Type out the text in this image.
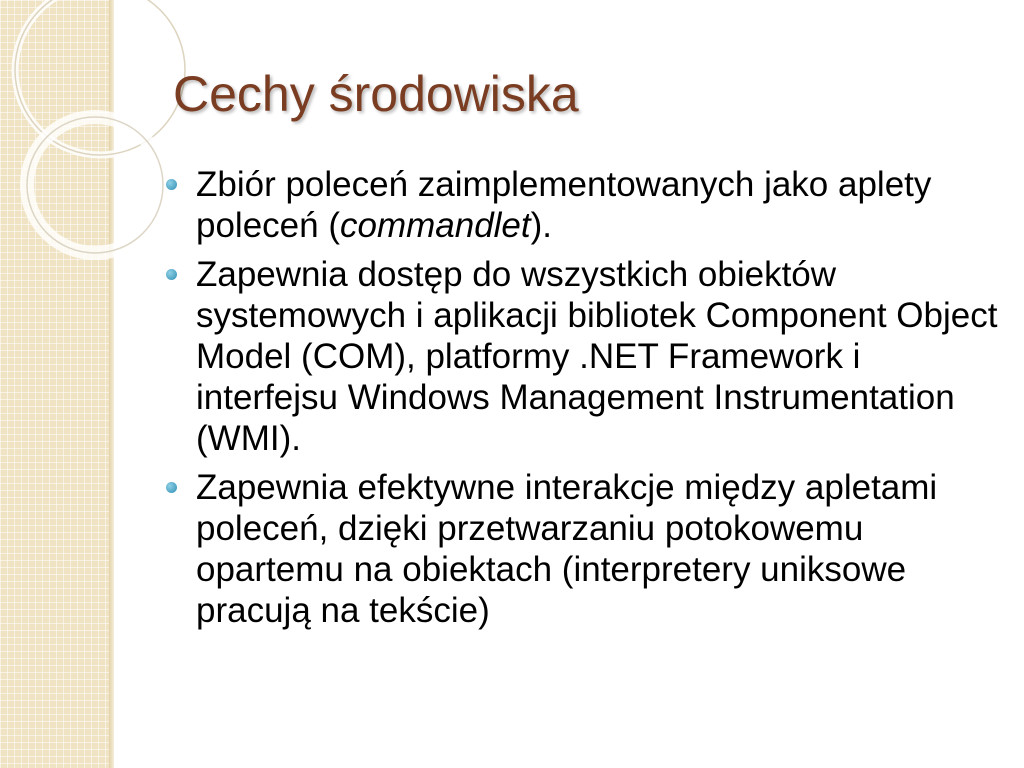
Cechy środowiska
Zbiór poleceń zaimplementowanych jako aplety poleceń (commandlet).
Zapewnia dostęp do wszystkich obiektów systemowych i aplikacji bibliotek Component Object Model (COM), platformy .NET Framework i interfejsu Windows Management Instrumentation (WMI).
Zapewnia efektywne interakcje między apletami poleceń, dzięki przetwarzaniu potokowemu opartemu na obiektach (interpretery uniksowe pracują na tekście)
